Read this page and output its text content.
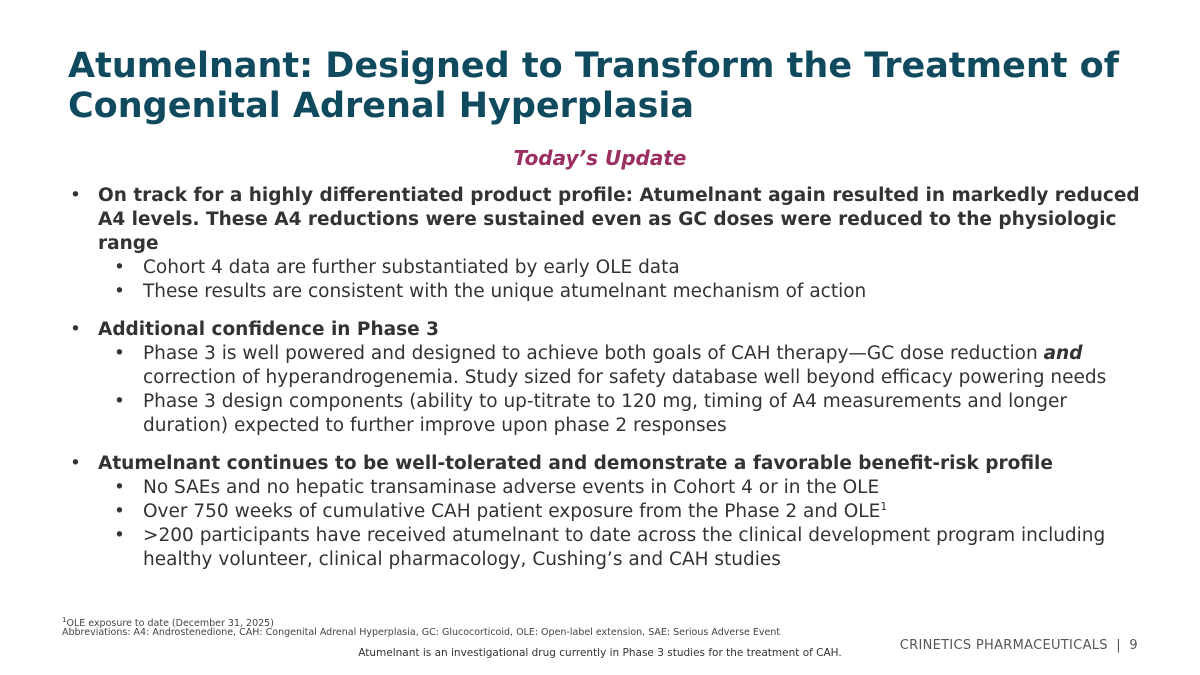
Atumelnant: Designed to Transform the Treatment of
Congenital Adrenal Hyperplasia
Today’s Update
• On track for a highly differentiated product profile: Atumelnant again resulted in markedly reduced A4 levels. These A4 reductions were sustained even as GC doses were reduced to the physiologic range
• Cohort 4 data are further substantiated by early OLE data
• These results are consistent with the unique atumelnant mechanism of action
• Additional confidence in Phase 3
• Phase 3 is well powered and designed to achieve both goals of CAH therapy—GC dose reduction and correction of hyperandrogenemia. Study sized for safety database well beyond efficacy powering needs
• Phase 3 design components (ability to up-titrate to 120 mg, timing of A4 measurements and longer duration) expected to further improve upon phase 2 responses
• Atumelnant continues to be well-tolerated and demonstrate a favorable benefit-risk profile
• No SAEs and no hepatic transaminase adverse events in Cohort 4 or in the OLE
• Over 750 weeks of cumulative CAH patient exposure from the Phase 2 and OLE$^1$
• >200 participants have received atumelnant to date across the clinical development program including healthy volunteer, clinical pharmacology, Cushing’s and CAH studies
$^1$OLE exposure to date (December 31, 2025)
Abbreviations: A4: Androstenedione, CAH: Congenital Adrenal Hyperplasia, GC: Glucocorticoid, OLE: Open-label extension, SAE: Serious Adverse Event
CRINETICS PHARMACEUTICALS | 9
Atumelnant is an investigational drug currently in Phase 3 studies for the treatment of CAH.
